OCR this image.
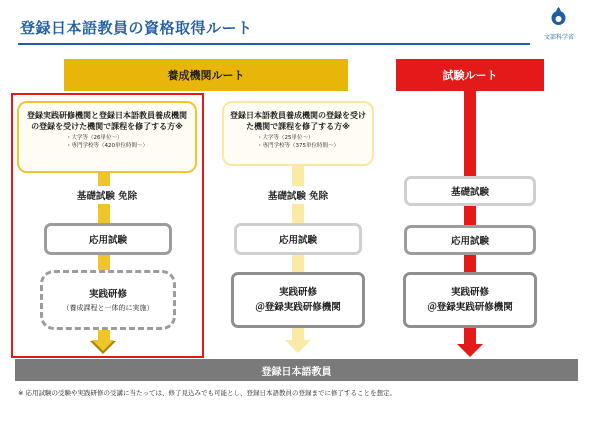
登録日本語教員の資格取得ルート
文部科学省
養成機関ルート	試験ルート
登録実践研修機関と登録日本語教員養成機関の登録を受けた機関で課程を修了する方※
・大学等（26単位～）
・専門学校等（420単位時間～）
基礎試験 免除
応用試験
実践研修
（養成課程と一体的に実施）
登録日本語教員養成機関の登録を受けた機関で課程を修了する方※
・大学等（25単位～）
・専門学校等（375単位時間～）
基礎試験 免除
応用試験
実践研修
＠登録実践研修機関
基礎試験
応用試験
実践研修
＠登録実践研修機関
登録日本語教員
※ 応用試験の受験や実践研修の受講に当たっては、修了見込みでも可能とし、登録日本語教員の登録までに修了することを想定。
